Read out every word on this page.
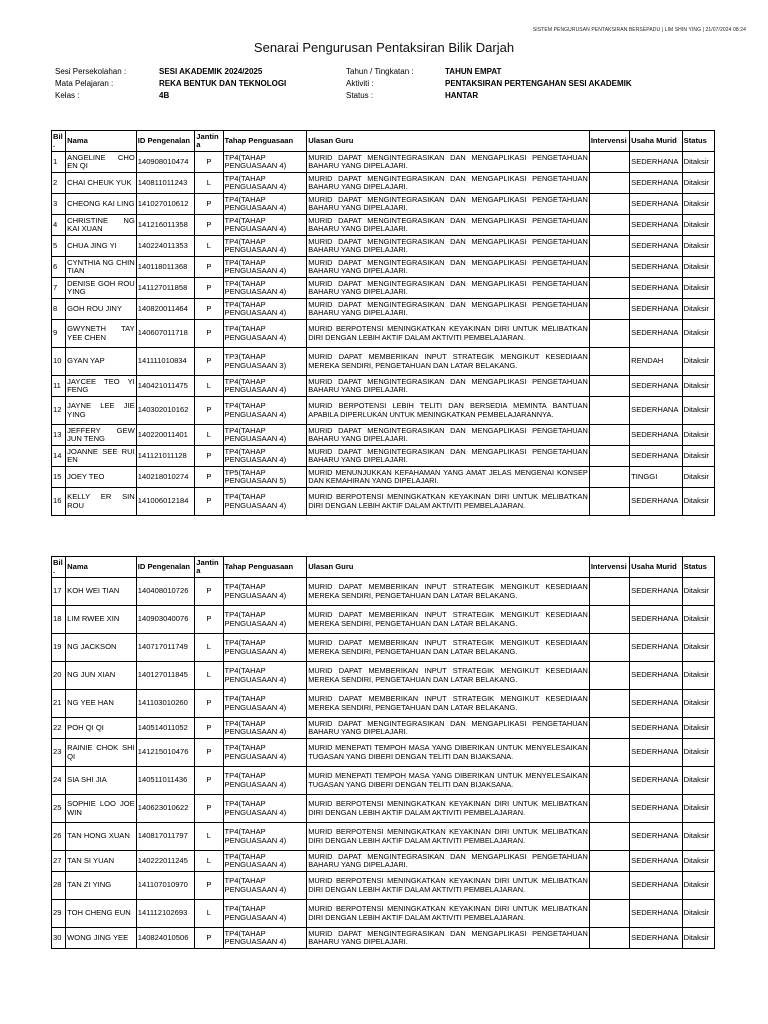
SISTEM PENGURUSAN PENTAKSIRAN BERSEPADU | LIM SHIN YING | 21/07/2024 08:24
Senarai Pengurusan Pentaksiran Bilik Darjah
Sesi Persekolahan :	SESI AKADEMIK 2024/2025	Tahun / Tingkatan :	TAHUN EMPAT
Mata Pelajaran :	REKA BENTUK DAN TEKNOLOGI	Aktiviti :	PENTAKSIRAN PERTENGAHAN SESI AKADEMIK
Kelas :	4B	Status :	HANTAR
Bil.	Nama	ID Pengenalan	Jantina	Tahap Penguasaan	Ulasan Guru	Intervensi	Usaha Murid	Status
1	ANGELINE CHO EN QI	140908010474	P	TP4(TAHAP PENGUASAAN 4)	MURID DAPAT MENGINTEGRASIKAN DAN MENGAPLIKASI PENGETAHUAN BAHARU YANG DIPELAJARI.		SEDERHANA	Ditaksir
2	CHAI CHEUK YUK	140811011243	L	TP4(TAHAP PENGUASAAN 4)	MURID DAPAT MENGINTEGRASIKAN DAN MENGAPLIKASI PENGETAHUAN BAHARU YANG DIPELAJARI.		SEDERHANA	Ditaksir
3	CHEONG KAI LING	141027010612	P	TP4(TAHAP PENGUASAAN 4)	MURID DAPAT MENGINTEGRASIKAN DAN MENGAPLIKASI PENGETAHUAN BAHARU YANG DIPELAJARI.		SEDERHANA	Ditaksir
4	CHRISTINE NG KAI XUAN	141216011358	P	TP4(TAHAP PENGUASAAN 4)	MURID DAPAT MENGINTEGRASIKAN DAN MENGAPLIKASI PENGETAHUAN BAHARU YANG DIPELAJARI.		SEDERHANA	Ditaksir
5	CHUA JING YI	140224011353	L	TP4(TAHAP PENGUASAAN 4)	MURID DAPAT MENGINTEGRASIKAN DAN MENGAPLIKASI PENGETAHUAN BAHARU YANG DIPELAJARI.		SEDERHANA	Ditaksir
6	CYNTHIA NG CHIN TIAN	140118011368	P	TP4(TAHAP PENGUASAAN 4)	MURID DAPAT MENGINTEGRASIKAN DAN MENGAPLIKASI PENGETAHUAN BAHARU YANG DIPELAJARI.		SEDERHANA	Ditaksir
7	DENISE GOH ROU YING	141127011858	P	TP4(TAHAP PENGUASAAN 4)	MURID DAPAT MENGINTEGRASIKAN DAN MENGAPLIKASI PENGETAHUAN BAHARU YANG DIPELAJARI.		SEDERHANA	Ditaksir
8	GOH ROU JINY	140820011464	P	TP4(TAHAP PENGUASAAN 4)	MURID DAPAT MENGINTEGRASIKAN DAN MENGAPLIKASI PENGETAHUAN BAHARU YANG DIPELAJARI.		SEDERHANA	Ditaksir
9	GWYNETH TAY YEE CHEN	140607011718	P	TP4(TAHAP PENGUASAAN 4)	MURID BERPOTENSI MENINGKATKAN KEYAKINAN DIRI UNTUK MELIBATKAN DIRI DENGAN LEBIH AKTIF DALAM AKTIVITI PEMBELAJARAN.		SEDERHANA	Ditaksir
10	GYAN YAP	141111010834	P	TP3(TAHAP PENGUASAAN 3)	MURID DAPAT MEMBERIKAN INPUT STRATEGIK MENGIKUT KESEDIAAN MEREKA SENDIRI, PENGETAHUAN DAN LATAR BELAKANG.		RENDAH	Ditaksir
11	JAYCEE TEO YI FENG	140421011475	L	TP4(TAHAP PENGUASAAN 4)	MURID DAPAT MENGINTEGRASIKAN DAN MENGAPLIKASI PENGETAHUAN BAHARU YANG DIPELAJARI.		SEDERHANA	Ditaksir
12	JAYNE LEE JIE YING	140302010162	P	TP4(TAHAP PENGUASAAN 4)	MURID BERPOTENSI LEBIH TELITI DAN BERSEDIA MEMINTA BANTUAN APABILA DIPERLUKAN UNTUK MENINGKATKAN PEMBELAJARANNYA.		SEDERHANA	Ditaksir
13	JEFFERY GEW JUN TENG	140220011401	L	TP4(TAHAP PENGUASAAN 4)	MURID DAPAT MENGINTEGRASIKAN DAN MENGAPLIKASI PENGETAHUAN BAHARU YANG DIPELAJARI.		SEDERHANA	Ditaksir
14	JOANNE SEE RUI EN	141121011128	P	TP4(TAHAP PENGUASAAN 4)	MURID DAPAT MENGINTEGRASIKAN DAN MENGAPLIKASI PENGETAHUAN BAHARU YANG DIPELAJARI.		SEDERHANA	Ditaksir
15	JOEY TEO	140218010274	P	TP5(TAHAP PENGUASAAN 5)	MURID MENUNJUKKAN KEFAHAMAN YANG AMAT JELAS MENGENAI KONSEP DAN KEMAHIRAN YANG DIPELAJARI.		TINGGI	Ditaksir
16	KELLY ER SIN ROU	141006012184	P	TP4(TAHAP PENGUASAAN 4)	MURID BERPOTENSI MENINGKATKAN KEYAKINAN DIRI UNTUK MELIBATKAN DIRI DENGAN LEBIH AKTIF DALAM AKTIVITI PEMBELAJARAN.		SEDERHANA	Ditaksir
Bil.	Nama	ID Pengenalan	Jantina	Tahap Penguasaan	Ulasan Guru	Intervensi	Usaha Murid	Status
17	KOH WEI TIAN	140408010726	P	TP4(TAHAP PENGUASAAN 4)	MURID DAPAT MEMBERIKAN INPUT STRATEGIK MENGIKUT KESEDIAAN MEREKA SENDIRI, PENGETAHUAN DAN LATAR BELAKANG.		SEDERHANA	Ditaksir
18	LIM RWEE XIN	140903040076	P	TP4(TAHAP PENGUASAAN 4)	MURID DAPAT MEMBERIKAN INPUT STRATEGIK MENGIKUT KESEDIAAN MEREKA SENDIRI, PENGETAHUAN DAN LATAR BELAKANG.		SEDERHANA	Ditaksir
19	NG JACKSON	140717011749	L	TP4(TAHAP PENGUASAAN 4)	MURID DAPAT MEMBERIKAN INPUT STRATEGIK MENGIKUT KESEDIAAN MEREKA SENDIRI, PENGETAHUAN DAN LATAR BELAKANG.		SEDERHANA	Ditaksir
20	NG JUN XIAN	140127011845	L	TP4(TAHAP PENGUASAAN 4)	MURID DAPAT MEMBERIKAN INPUT STRATEGIK MENGIKUT KESEDIAAN MEREKA SENDIRI, PENGETAHUAN DAN LATAR BELAKANG.		SEDERHANA	Ditaksir
21	NG YEE HAN	141103010260	P	TP4(TAHAP PENGUASAAN 4)	MURID DAPAT MEMBERIKAN INPUT STRATEGIK MENGIKUT KESEDIAAN MEREKA SENDIRI, PENGETAHUAN DAN LATAR BELAKANG.		SEDERHANA	Ditaksir
22	POH QI QI	140514011052	P	TP4(TAHAP PENGUASAAN 4)	MURID DAPAT MENGINTEGRASIKAN DAN MENGAPLIKASI PENGETAHUAN BAHARU YANG DIPELAJARI.		SEDERHANA	Ditaksir
23	RAINIE CHOK SHI QI	141215010476	P	TP4(TAHAP PENGUASAAN 4)	MURID MENEPATI TEMPOH MASA YANG DIBERIKAN UNTUK MENYELESAIKAN TUGASAN YANG DIBERI DENGAN TELITI DAN BIJAKSANA.		SEDERHANA	Ditaksir
24	SIA SHI JIA	140511011436	P	TP4(TAHAP PENGUASAAN 4)	MURID MENEPATI TEMPOH MASA YANG DIBERIKAN UNTUK MENYELESAIKAN TUGASAN YANG DIBERI DENGAN TELITI DAN BIJAKSANA.		SEDERHANA	Ditaksir
25	SOPHIE LOO JOE WIN	140623010622	P	TP4(TAHAP PENGUASAAN 4)	MURID BERPOTENSI MENINGKATKAN KEYAKINAN DIRI UNTUK MELIBATKAN DIRI DENGAN LEBIH AKTIF DALAM AKTIVITI PEMBELAJARAN.		SEDERHANA	Ditaksir
26	TAN HONG XUAN	140817011797	L	TP4(TAHAP PENGUASAAN 4)	MURID BERPOTENSI MENINGKATKAN KEYAKINAN DIRI UNTUK MELIBATKAN DIRI DENGAN LEBIH AKTIF DALAM AKTIVITI PEMBELAJARAN.		SEDERHANA	Ditaksir
27	TAN SI YUAN	140222011245	L	TP4(TAHAP PENGUASAAN 4)	MURID DAPAT MENGINTEGRASIKAN DAN MENGAPLIKASI PENGETAHUAN BAHARU YANG DIPELAJARI.		SEDERHANA	Ditaksir
28	TAN ZI YING	141107010970	P	TP4(TAHAP PENGUASAAN 4)	MURID BERPOTENSI MENINGKATKAN KEYAKINAN DIRI UNTUK MELIBATKAN DIRI DENGAN LEBIH AKTIF DALAM AKTIVITI PEMBELAJARAN.		SEDERHANA	Ditaksir
29	TOH CHENG EUN	141112102693	L	TP4(TAHAP PENGUASAAN 4)	MURID BERPOTENSI MENINGKATKAN KEYAKINAN DIRI UNTUK MELIBATKAN DIRI DENGAN LEBIH AKTIF DALAM AKTIVITI PEMBELAJARAN.		SEDERHANA	Ditaksir
30	WONG JING YEE	140824010506	P	TP4(TAHAP PENGUASAAN 4)	MURID DAPAT MENGINTEGRASIKAN DAN MENGAPLIKASI PENGETAHUAN BAHARU YANG DIPELAJARI.		SEDERHANA	Ditaksir
